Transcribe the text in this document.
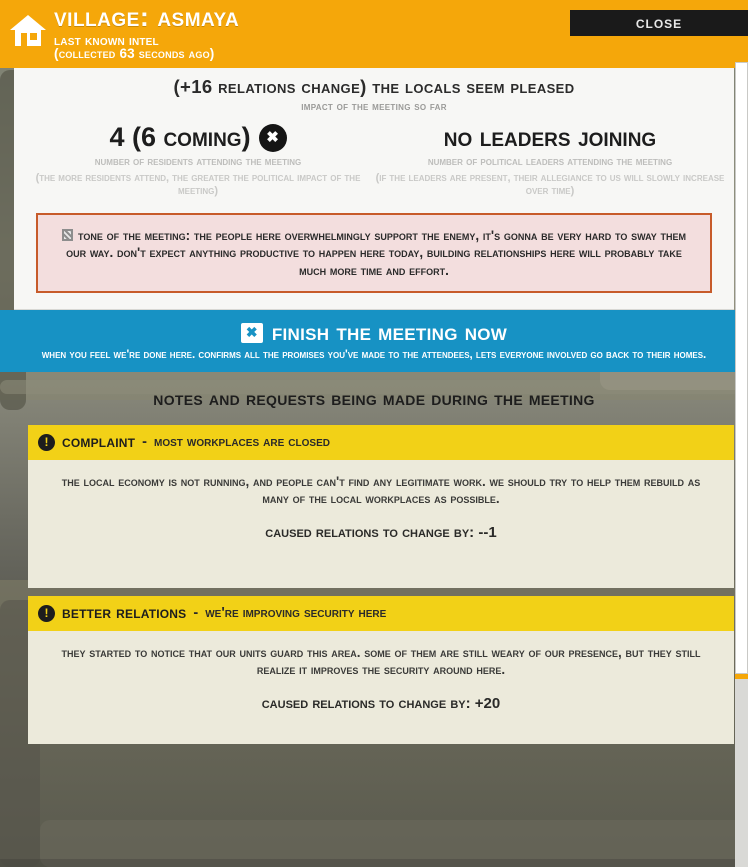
village: asmaya
last known intel
(collected 63 seconds ago)
close
(+16 relations change) the locals seem pleased
impact of the meeting so far
4 (6 coming)	✖
number of residents attending the meeting
(the more residents attend, the greater the political impact of the meeting)
no leaders joining
number of political leaders attending the meeting
(if the leaders are present, their allegiance to us will slowly increase over time)
tone of the meeting: the people here overwhelmingly support the enemy, it's gonna be very hard to sway them our way. don't expect anything productive to happen here today, building relationships here will probably take much more time and effort.
✖ finish the meeting now
when you feel we're done here. confirms all the promises you've made to the attendees, lets everyone involved go back to their homes.
notes and requests being made during the meeting
! complaint - most workplaces are closed
the local economy is not running, and people can't find any legitimate work. we should try to help them rebuild as many of the local workplaces as possible.
caused relations to change by: --1
! better relations - we're improving security here
they started to notice that our units guard this area. some of them are still weary of our presence, but they still realize it improves the security around here.
caused relations to change by: +20
